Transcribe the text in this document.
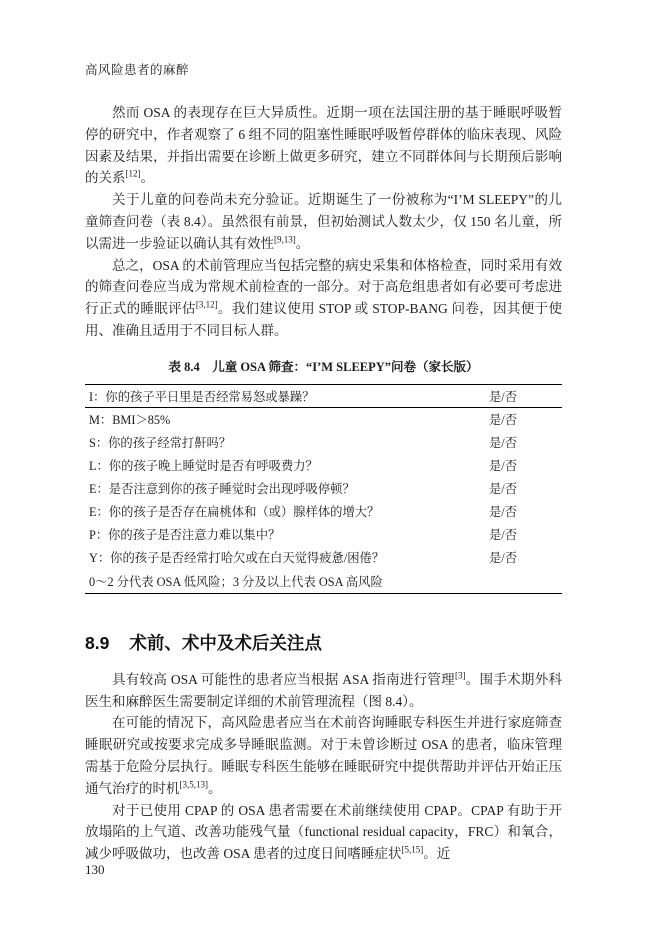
高风险患者的麻醉

然而 OSA 的表现存在巨大异质性。近期一项在法国注册的基于睡眠呼吸暂停的研究中，作者观察了 6 组不同的阻塞性睡眠呼吸暂停群体的临床表现、风险因素及结果，并指出需要在诊断上做更多研究，建立不同群体间与长期预后影响的关系[12]。

关于儿童的问卷尚未充分验证。近期诞生了一份被称为“I’M SLEEPY”的儿童筛查问卷（表 8.4）。虽然很有前景，但初始测试人数太少，仅 150 名儿童，所以需进一步验证以确认其有效性[9,13]。

总之，OSA 的术前管理应当包括完整的病史采集和体格检查，同时采用有效的筛查问卷应当成为常规术前检查的一部分。对于高危组患者如有必要可考虑进行正式的睡眠评估[3,12]。我们建议使用 STOP 或 STOP-BANG 问卷，因其便于使用、准确且适用于不同目标人群。

表 8.4　儿童 OSA 筛查：“I’M SLEEPY”问卷（家长版）
I：你的孩子平日里是否经常易怒或暴躁？	是/否
M：BMI＞85%	是/否
S：你的孩子经常打鼾吗？	是/否
L：你的孩子晚上睡觉时是否有呼吸费力？	是/否
E：是否注意到你的孩子睡觉时会出现呼吸停顿？	是/否
E：你的孩子是否存在扁桃体和（或）腺样体的增大？	是/否
P：你的孩子是否注意力难以集中？	是/否
Y：你的孩子是否经常打哈欠或在白天觉得疲惫/困倦？	是/否
0～2 分代表 OSA 低风险；3 分及以上代表 OSA 高风险
8.9 术前、术中及术后关注点

具有较高 OSA 可能性的患者应当根据 ASA 指南进行管理[3]。围手术期外科医生和麻醉医生需要制定详细的术前管理流程（图 8.4）。

在可能的情况下，高风险患者应当在术前咨询睡眠专科医生并进行家庭筛查睡眠研究或按要求完成多导睡眠监测。对于未曾诊断过 OSA 的患者，临床管理需基于危险分层执行。睡眠专科医生能够在睡眠研究中提供帮助并评估开始正压通气治疗的时机[3,5,13]。

对于已使用 CPAP 的 OSA 患者需要在术前继续使用 CPAP。CPAP 有助于开放塌陷的上气道、改善功能残气量（functional residual capacity，FRC）和氧合，减少呼吸做功，也改善 OSA 患者的过度日间嗜睡症状[5,15]。近

130
